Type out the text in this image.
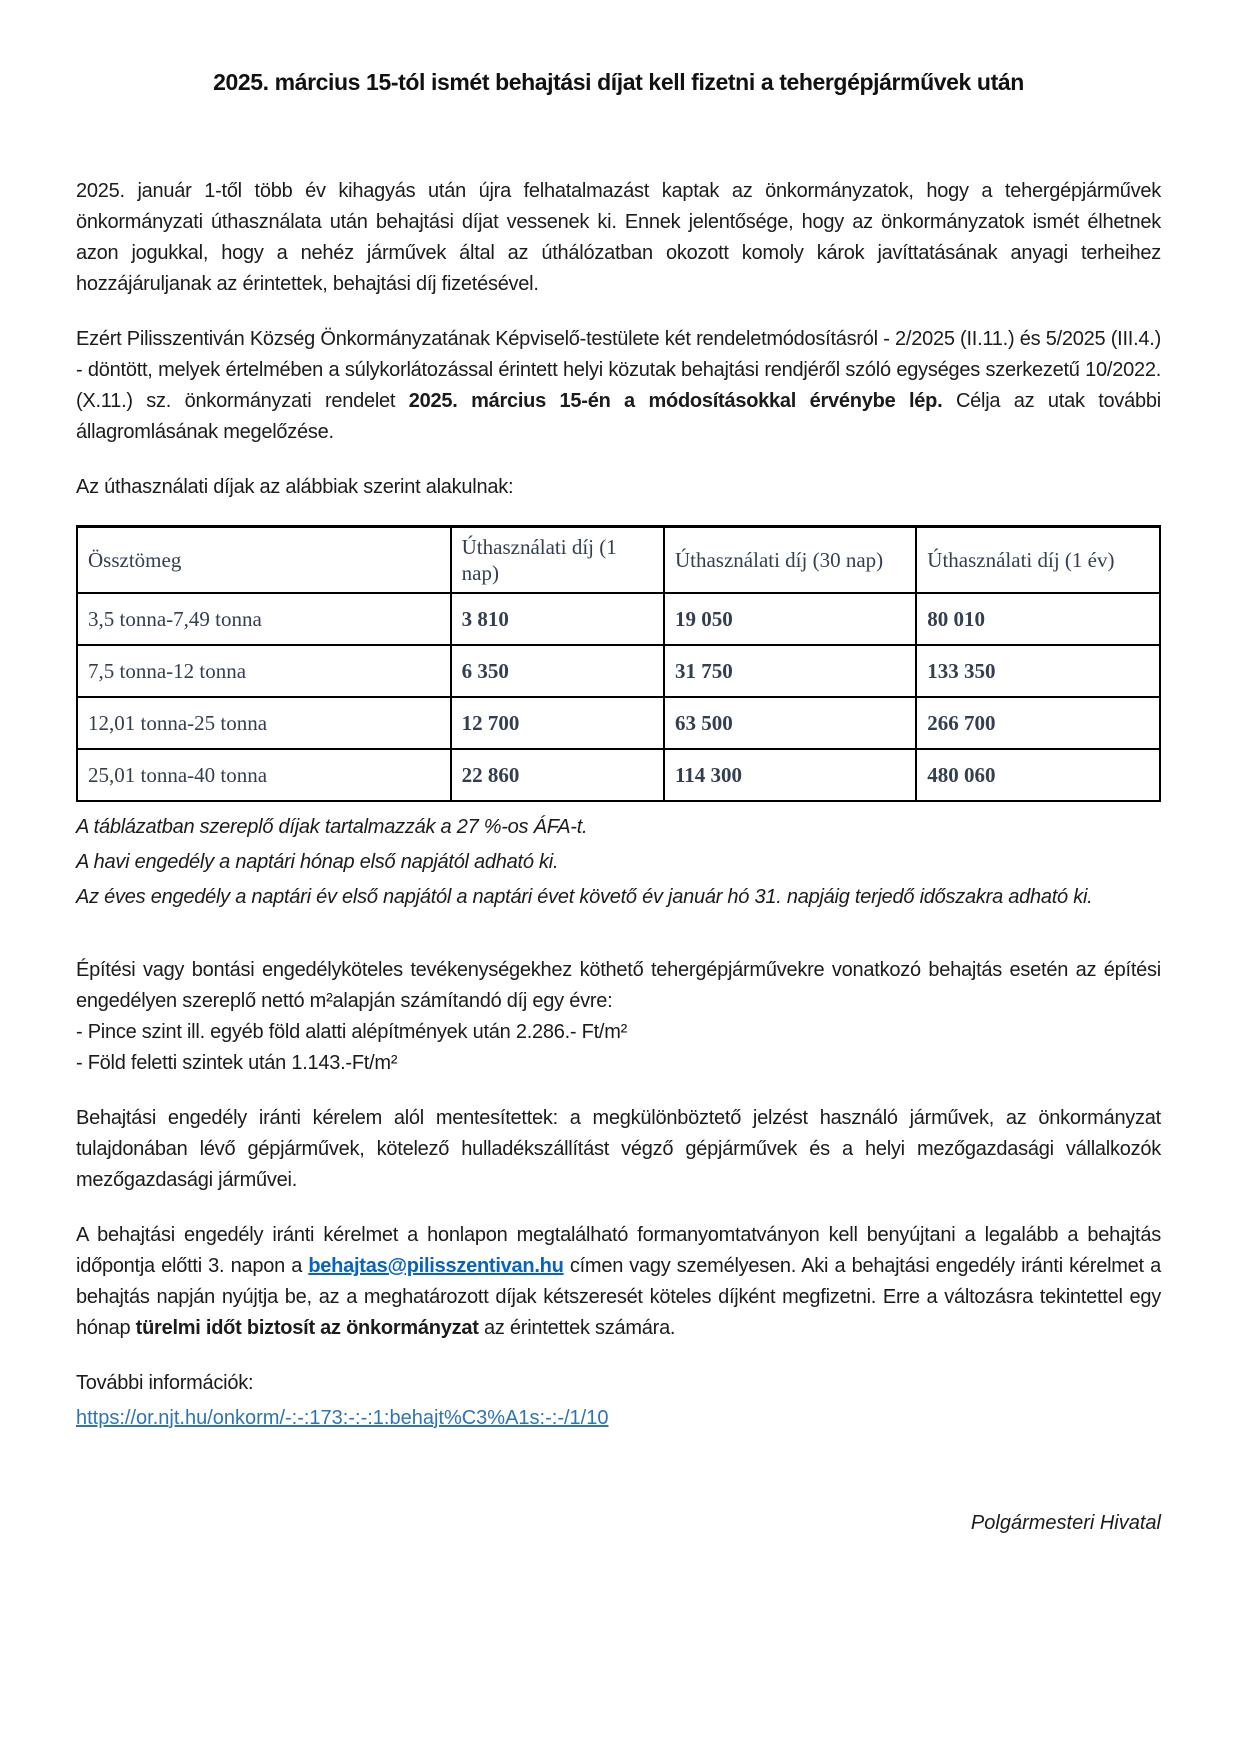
2025. március 15-tól ismét behajtási díjat kell fizetni a tehergépjárművek után

2025. január 1-től több év kihagyás után újra felhatalmazást kaptak az önkormányzatok, hogy a tehergépjárművek önkormányzati úthasználata után behajtási díjat vessenek ki. Ennek jelentősége, hogy az önkormányzatok ismét élhetnek azon jogukkal, hogy a nehéz járművek által az úthálózatban okozott komoly károk javíttatásának anyagi terheihez hozzájáruljanak az érintettek, behajtási díj fizetésével.

Ezért Pilisszentiván Község Önkormányzatának Képviselő-testülete két rendeletmódosításról - 2/2025 (II.11.) és 5/2025 (III.4.) - döntött, melyek értelmében a súlykorlátozással érintett helyi közutak behajtási rendjéről szóló egységes szerkezetű 10/2022. (X.11.) sz. önkormányzati rendelet 2025. március 15-én a módosításokkal érvénybe lép. Célja az utak további állagromlásának megelőzése.

Az úthasználati díjak az alábbiak szerint alakulnak:

Össztömeg	Úthasználati díj (1 nap)	Úthasználati díj (30 nap)	Úthasználati díj (1 év)
3,5 tonna-7,49 tonna	3 810	19 050	80 010
7,5 tonna-12 tonna	6 350	31 750	133 350
12,01 tonna-25 tonna	12 700	63 500	266 700
25,01 tonna-40 tonna	22 860	114 300	480 060

A táblázatban szereplő díjak tartalmazzák a 27 %-os ÁFA-t.

A havi engedély a naptári hónap első napjától adható ki.

Az éves engedély a naptári év első napjától a naptári évet követő év január hó 31. napjáig terjedő időszakra adható ki.

Építési vagy bontási engedélyköteles tevékenységekhez köthető tehergépjárművekre vonatkozó behajtás esetén az építési engedélyen szereplő nettó m²alapján számítandó díj egy évre:

- Pince szint ill. egyéb föld alatti alépítmények után 2.286.- Ft/m²

- Föld feletti szintek után 1.143.-Ft/m²

Behajtási engedély iránti kérelem alól mentesítettek: a megkülönböztető jelzést használó járművek, az önkormányzat tulajdonában lévő gépjárművek, kötelező hulladékszállítást végző gépjárművek és a helyi mezőgazdasági vállalkozók mezőgazdasági járművei.

A behajtási engedély iránti kérelmet a honlapon megtalálható formanyomtatványon kell benyújtani a legalább a behajtás időpontja előtti 3. napon a behajtas@pilisszentivan.hu címen vagy személyesen. Aki a behajtási engedély iránti kérelmet a behajtás napján nyújtja be, az a meghatározott díjak kétszeresét köteles díjként megfizetni. Erre a változásra tekintettel egy hónap türelmi időt biztosít az önkormányzat az érintettek számára.

További információk:

https://or.njt.hu/onkorm/-:-:173:-:-:1:behajt%C3%A1s:-:-/1/10

Polgármesteri Hivatal
